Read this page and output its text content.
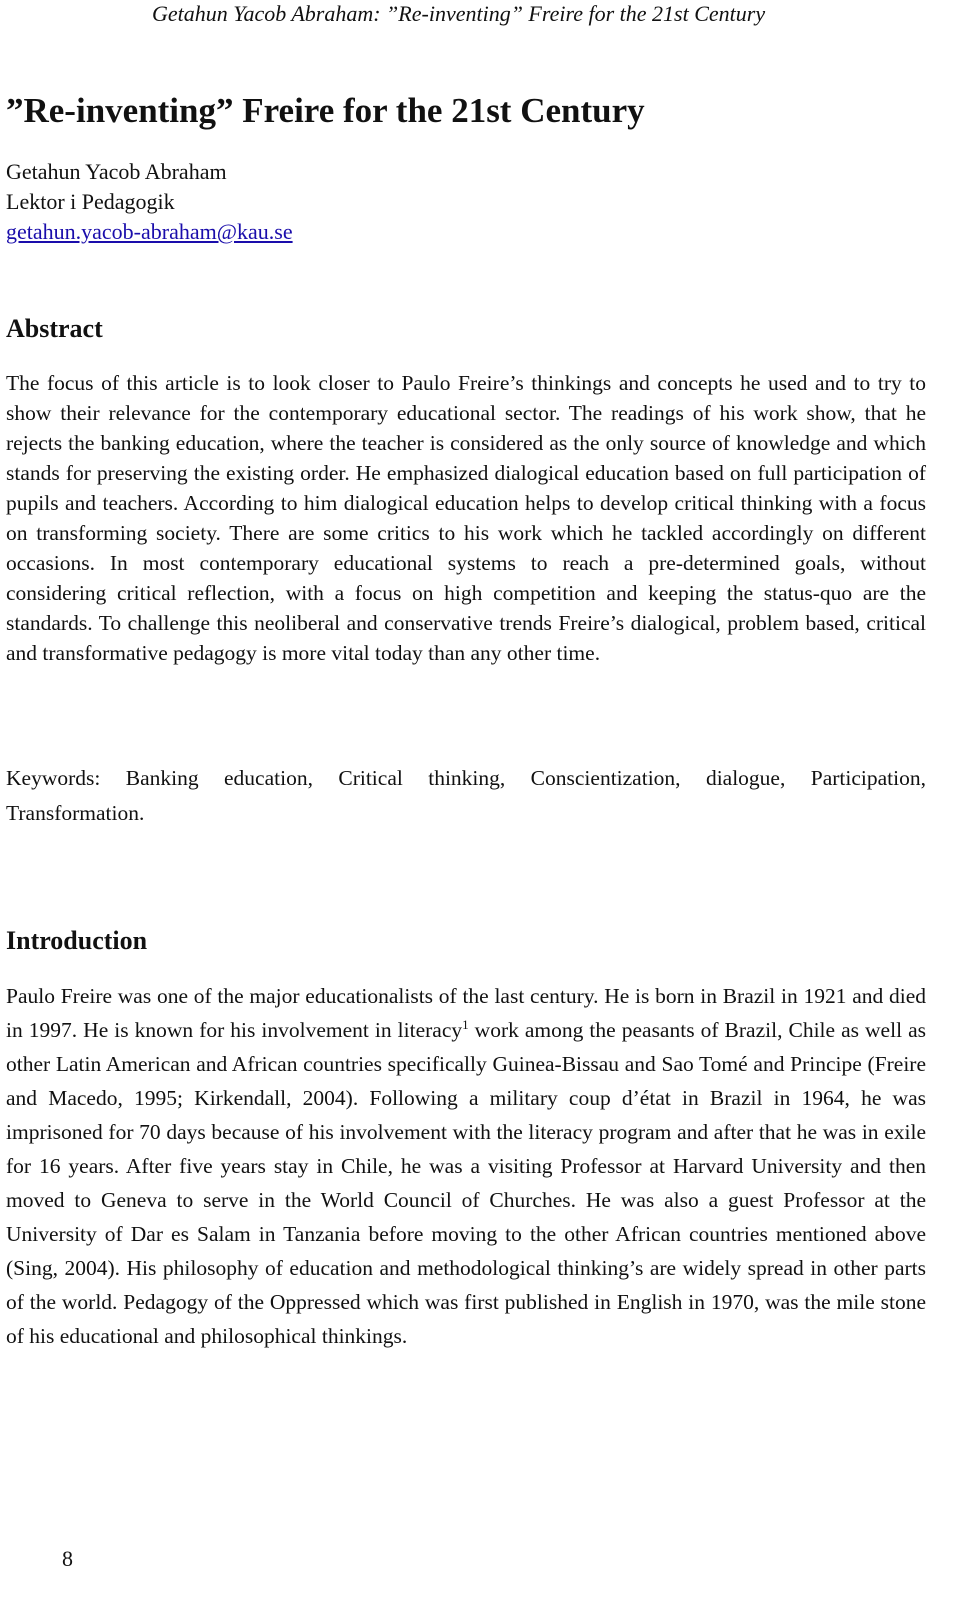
Getahun Yacob Abraham: ”Re-inventing” Freire for the 21st Century
”Re-inventing” Freire for the 21st Century
Getahun Yacob Abraham
Lektor i Pedagogik
getahun.yacob-abraham@kau.se
Abstract

The focus of this article is to look closer to Paulo Freire’s thinkings and concepts he used and to try to show their relevance for the contemporary educational sector. The readings of his work show, that he rejects the banking education, where the teacher is considered as the only source of knowledge and which stands for preserving the existing order. He emphasized dialogical education based on full participation of pupils and teachers. According to him dialogical education helps to develop critical thinking with a focus on transforming society. There are some critics to his work which he tackled accordingly on different occasions. In most contemporary educational systems to reach a pre-determined goals, without considering critical reflection, with a focus on high competition and keeping the status-quo are the standards. To challenge this neoliberal and conservative trends Freire’s dialogical, problem based, critical and transformative pedagogy is more vital today than any other time.

Keywords: Banking education, Critical thinking, Conscientization, dialogue, Participation, Transformation.

Introduction

Paulo Freire was one of the major educationalists of the last century. He is born in Brazil in 1921 and died in 1997. He is known for his involvement in literacy$^1$ work among the peasants of Brazil, Chile as well as other Latin American and African countries specifically Guinea-Bissau and Sao Tomé and Principe (Freire and Macedo, 1995; Kirkendall, 2004). Following a military coup d’état in Brazil in 1964, he was imprisoned for 70 days because of his involvement with the literacy program and after that he was in exile for 16 years. After five years stay in Chile, he was a visiting Professor at Harvard University and then moved to Geneva to serve in the World Council of Churches. He was also a guest Professor at the University of Dar es Salam in Tanzania before moving to the other African countries mentioned above (Sing, 2004). His philosophy of education and methodological thinking’s are widely spread in other parts of the world. Pedagogy of the Oppressed which was first published in English in 1970, was the mile stone of his educational and philosophical thinkings.

8
